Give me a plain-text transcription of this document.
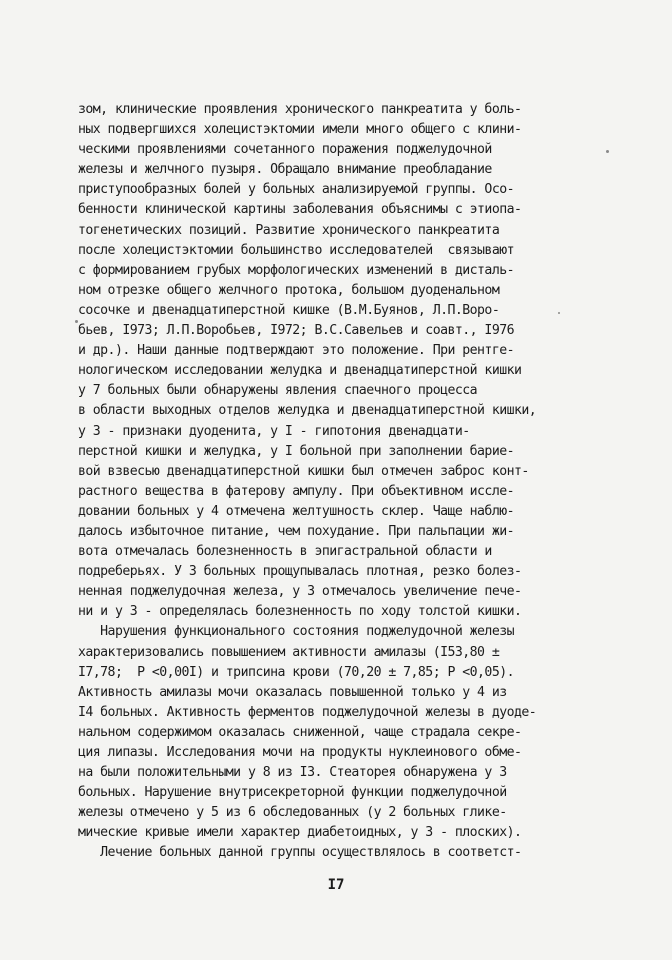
зом, клинические проявления хронического панкреатита у боль-
ных подвергшихся холецистэктомии имели много общего с клини-
ческими проявлениями сочетанного поражения поджелудочной
железы и желчного пузыря. Обращало внимание преобладание
приступообразных болей у больных анализируемой группы. Осо-
бенности клинической картины заболевания объяснимы с этиопа-
тогенетических позиций. Развитие хронического панкреатита
после холецистэктомии большинство исследователей  связывают
с формированием грубых морфологических изменений в дисталь-
ном отрезке общего желчного протока, большом дуоденальном
сосочке и двенадцатиперстной кишке (В.М.Буянов, Л.П.Воро-
бьев, I973; Л.П.Воробьев, I972; В.С.Савельев и соавт., I976
и др.). Наши данные подтверждают это положение. При рентге-
нологическом исследовании желудка и двенадцатиперстной кишки
у 7 больных были обнаружены явления спаечного процесса
в области выходных отделов желудка и двенадцатиперстной кишки,
у 3 - признаки дуоденита, у I - гипотония двенадцати-
перстной кишки и желудка, у I больной при заполнении барие-
вой взвесью двенадцатиперстной кишки был отмечен заброс конт-
растного вещества в фатерову ампулу. При объективном иссле-
довании больных у 4 отмечена желтушность склер. Чаще наблю-
далось избыточное питание, чем похудание. При пальпации жи-
вота отмечалась болезненность в эпигастральной области и
подреберьях. У 3 больных прощупывалась плотная, резко болез-
ненная поджелудочная железа, у 3 отмечалось увеличение пече-
ни и у 3 - определялась болезненность по ходу толстой кишки.
Нарушения функционального состояния поджелудочной железы
характеризовались повышением активности амилазы (I53,80 ±
I7,78;  Р <0,00I) и трипсина крови (70,20 ± 7,85; Р <0,05).
Активность амилазы мочи оказалась повышенной только у 4 из
I4 больных. Активность ферментов поджелудочной железы в дуоде-
нальном содержимом оказалась сниженной, чаще страдала секре-
ция липазы. Исследования мочи на продукты нуклеинового обме-
на были положительными у 8 из I3. Стеаторея обнаружена у 3
больных. Нарушение внутрисекреторной функции поджелудочной
железы отмечено у 5 из 6 обследованных (у 2 больных глике-
мические кривые имели характер диабетоидных, у 3 - плоских).
Лечение больных данной группы осуществлялось в соответст-
I7
